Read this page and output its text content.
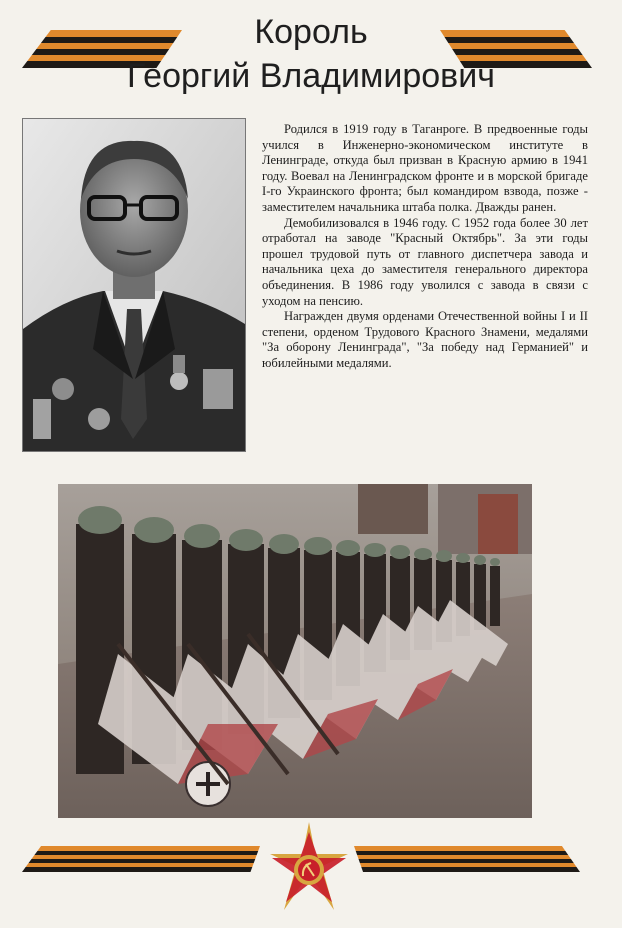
Король
Георгий Владимирович

Родился в 1919 году в Таганроге. В предвоенные годы учился в Инженерно-экономическом институте в Ленинграде, откуда был призван в Красную армию в 1941 году. Воевал на Ленинградском фронте и в морской бригаде I-го Украинского фронта; был командиром взвода, позже - заместителем начальника штаба полка. Дважды ранен.

Демобилизовался в 1946 году. С 1952 года более 30 лет отработал на заводе "Красный Октябрь". За эти годы прошел трудовой путь от главного диспетчера завода и начальника цеха до заместителя генерального директора объединения. В 1986 году уволился с завода в связи с уходом на пенсию.

Награжден двумя орденами Отечественной войны I и II степени, орденом Трудового Красного Знамени, медалями "За оборону Ленинграда", "За победу над Германией" и юбилейными медалями.
